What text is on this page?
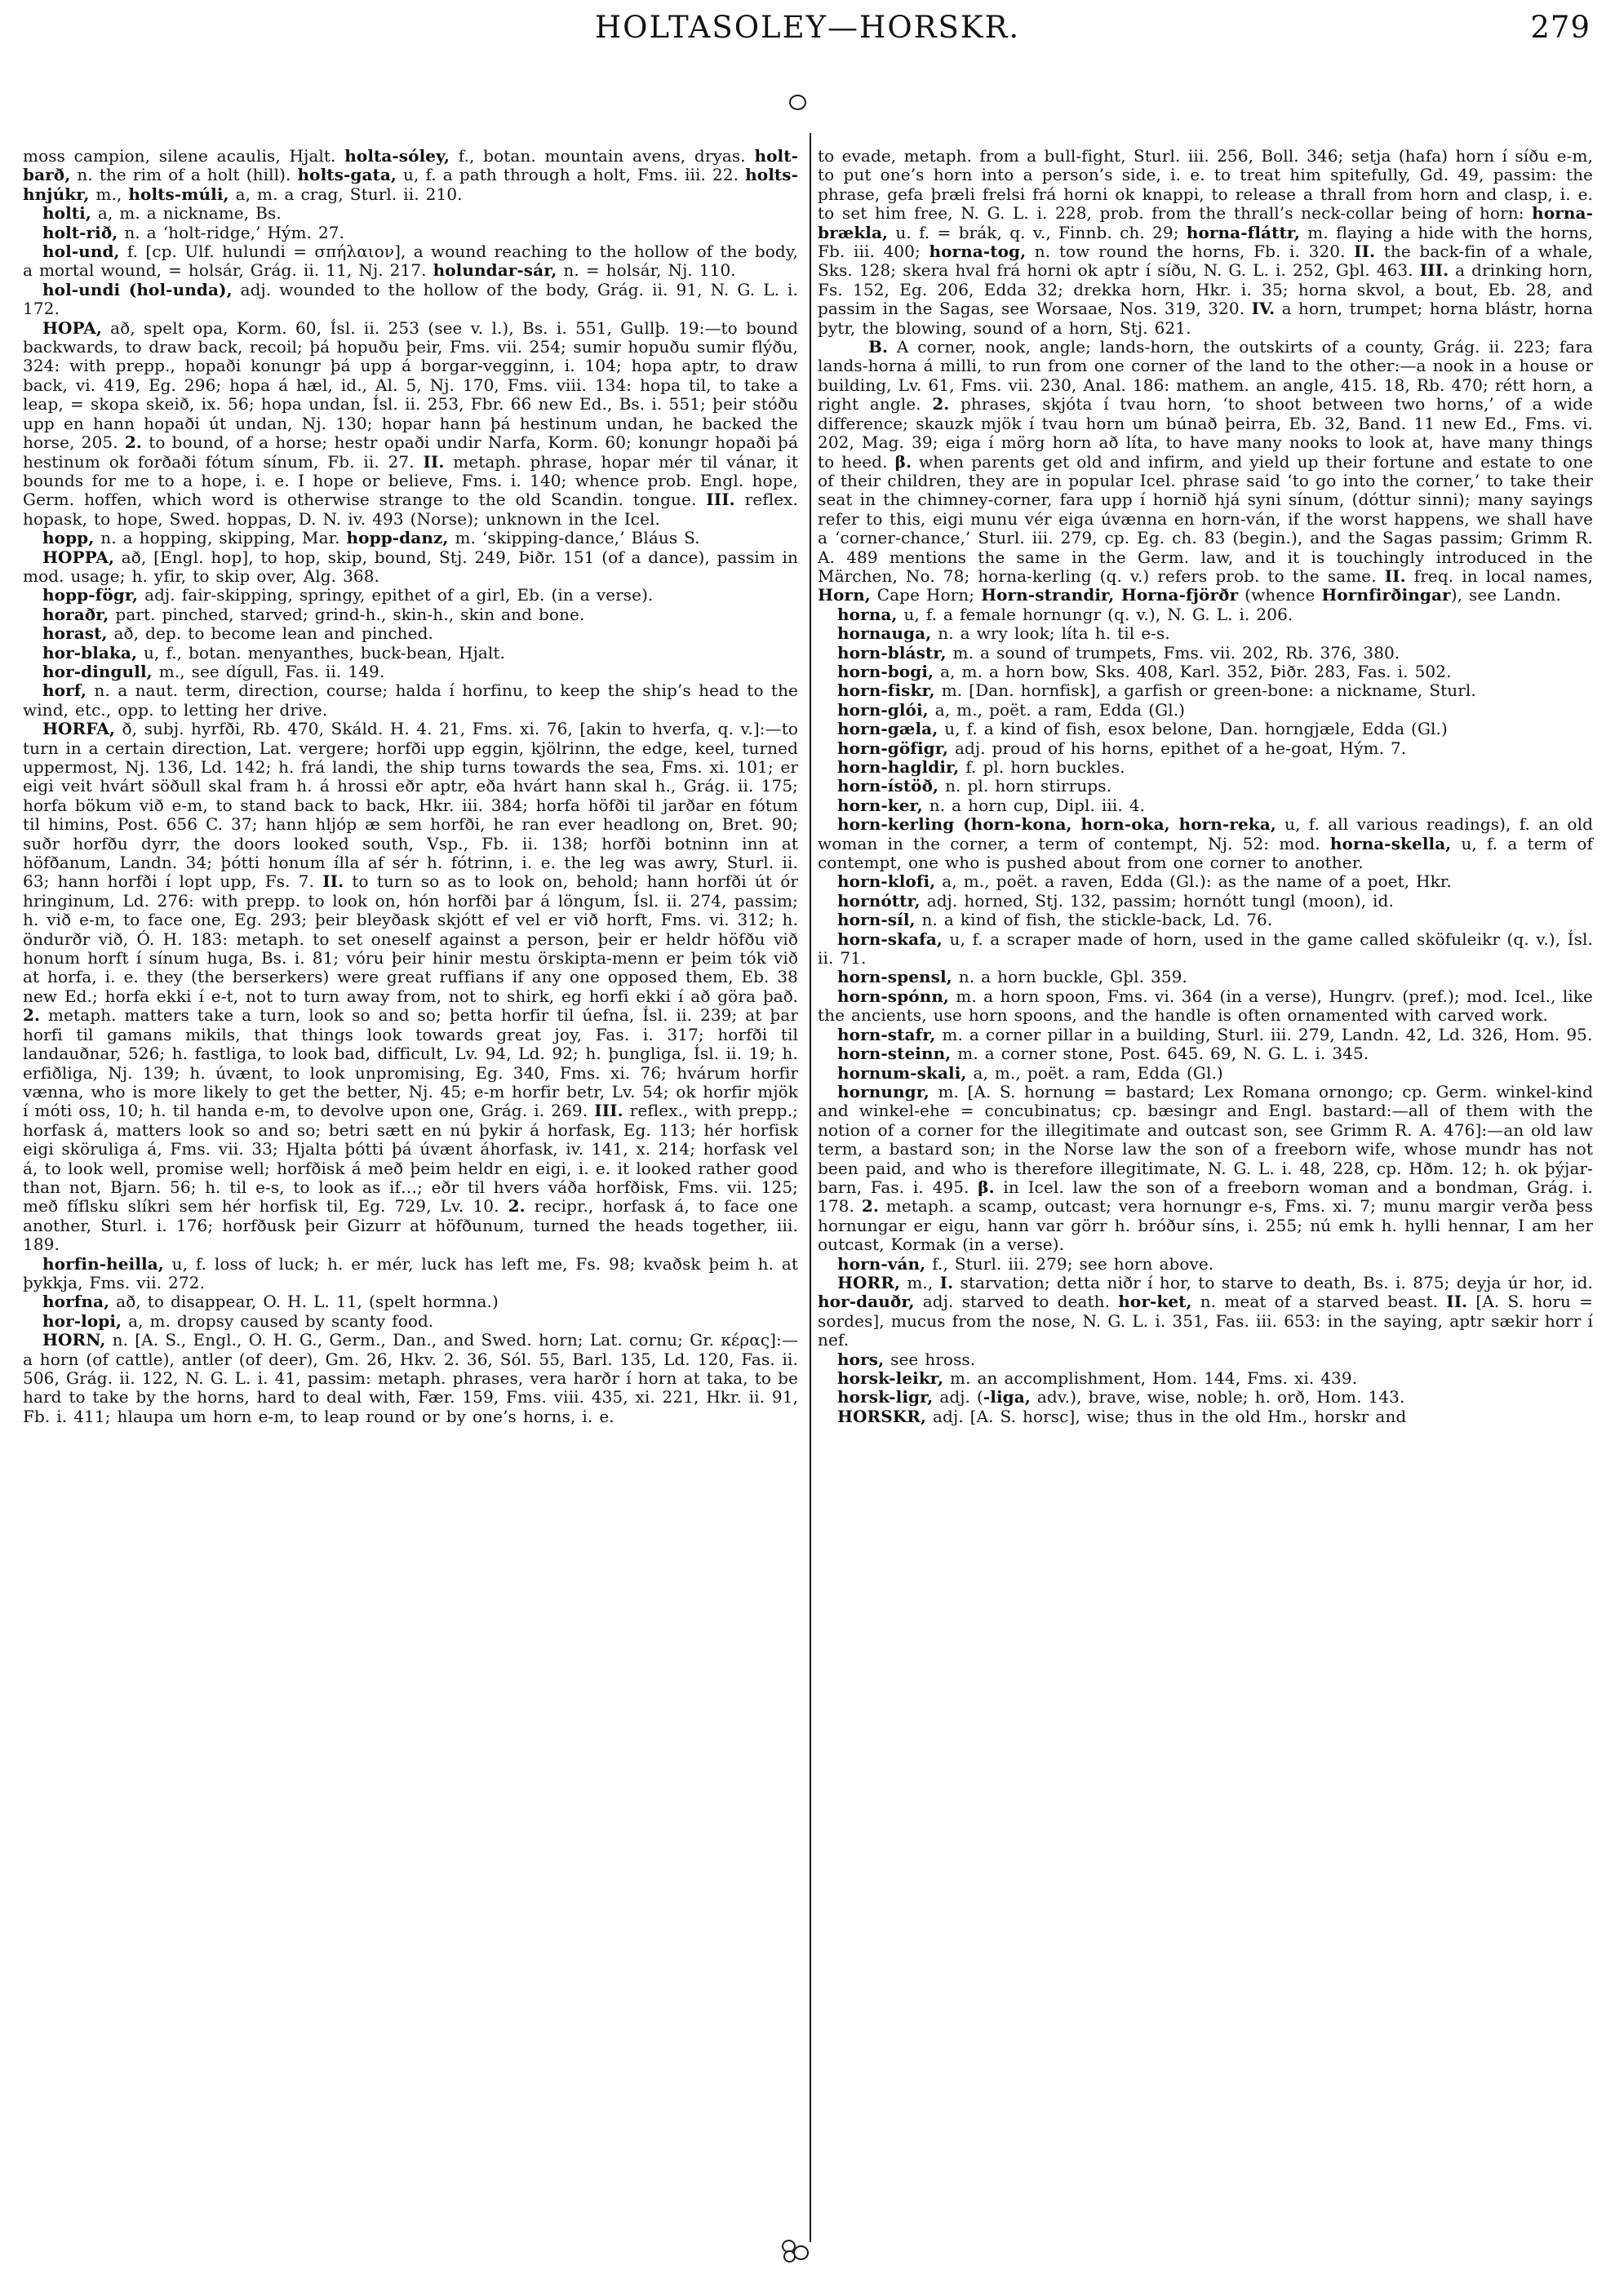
HOLTASOLEY—HORSKR.	279

moss campion, silene acaulis, Hjalt. holta-sóley, f., botan. mountain avens, dryas. holt-barð, n. the rim of a holt (hill). holts-gata, u, f. a path through a holt, Fms. iii. 22. holts-hnjúkr, m., holts-múli, a, m. a crag, Sturl. ii. 210.

holti, a, m. a nickname, Bs.

holt-rið, n. a ‘holt-ridge,’ Hým. 27.

hol-und, f. [cp. Ulf. hulundi = σπήλαιον], a wound reaching to the hollow of the body, a mortal wound, = holsár, Grág. ii. 11, Nj. 217. holundar-sár, n. = holsár, Nj. 110.

hol-undi (hol-unda), adj. wounded to the hollow of the body, Grág. ii. 91, N. G. L. i. 172.

HOPA, að, spelt opa, Korm. 60, Ísl. ii. 253 (see v. l.), Bs. i. 551, Gullþ. 19:—to bound backwards, to draw back, recoil; þá hopuðu þeir, Fms. vii. 254; sumir hopuðu sumir flýðu, 324: with prepp., hopaði konungr þá upp á borgar-vegginn, i. 104; hopa aptr, to draw back, vi. 419, Eg. 296; hopa á hæl, id., Al. 5, Nj. 170, Fms. viii. 134: hopa til, to take a leap, = skopa skeið, ix. 56; hopa undan, Ísl. ii. 253, Fbr. 66 new Ed., Bs. i. 551; þeir stóðu upp en hann hopaði út undan, Nj. 130; hopar hann þá hestinum undan, he backed the horse, 205. 2. to bound, of a horse; hestr opaði undir Narfa, Korm. 60; konungr hopaði þá hestinum ok forðaði fótum sínum, Fb. ii. 27. II. metaph. phrase, hopar mér til vánar, it bounds for me to a hope, i. e. I hope or believe, Fms. i. 140; whence prob. Engl. hope, Germ. hoffen, which word is otherwise strange to the old Scandin. tongue. III. reflex. hopask, to hope, Swed. hoppas, D. N. iv. 493 (Norse); unknown in the Icel.

hopp, n. a hopping, skipping, Mar. hopp-danz, m. ‘skipping-dance,’ Bláus S.

HOPPA, að, [Engl. hop], to hop, skip, bound, Stj. 249, Þiðr. 151 (of a dance), passim in mod. usage; h. yfir, to skip over, Alg. 368.

hopp-fögr, adj. fair-skipping, springy, epithet of a girl, Eb. (in a verse).

horaðr, part. pinched, starved; grind-h., skin-h., skin and bone.

horast, að, dep. to become lean and pinched.

hor-blaka, u, f., botan. menyanthes, buck-bean, Hjalt.

hor-dingull, m., see dígull, Fas. ii. 149.

horf, n. a naut. term, direction, course; halda í horfinu, to keep the ship’s head to the wind, etc., opp. to letting her drive.

HORFA, ð, subj. hyrfði, Rb. 470, Skáld. H. 4. 21, Fms. xi. 76, [akin to hverfa, q. v.]:—to turn in a certain direction, Lat. vergere; horfði upp eggin, kjölrinn, the edge, keel, turned uppermost, Nj. 136, Ld. 142; h. frá landi, the ship turns towards the sea, Fms. xi. 101; er eigi veit hvárt söðull skal fram h. á hrossi eðr aptr, eða hvárt hann skal h., Grág. ii. 175; horfa bökum við e-m, to stand back to back, Hkr. iii. 384; horfa höfði til jarðar en fótum til himins, Post. 656 C. 37; hann hljóp æ sem horfði, he ran ever headlong on, Bret. 90; suðr horfðu dyrr, the doors looked south, Vsp., Fb. ii. 138; horfði botninn inn at höfðanum, Landn. 34; þótti honum ílla af sér h. fótrinn, i. e. the leg was awry, Sturl. ii. 63; hann horfði í lopt upp, Fs. 7. II. to turn so as to look on, behold; hann horfði út ór hringinum, Ld. 276: with prepp. to look on, hón horfði þar á löngum, Ísl. ii. 274, passim; h. við e-m, to face one, Eg. 293; þeir bleyðask skjótt ef vel er við horft, Fms. vi. 312; h. öndurðr við, Ó. H. 183: metaph. to set oneself against a person, þeir er heldr höfðu við honum horft í sínum huga, Bs. i. 81; vóru þeir hinir mestu örskipta-menn er þeim tók við at horfa, i. e. they (the berserkers) were great ruffians if any one opposed them, Eb. 38 new Ed.; horfa ekki í e-t, not to turn away from, not to shirk, eg horfi ekki í að göra það. 2. metaph. matters take a turn, look so and so; þetta horfir til úefna, Ísl. ii. 239; at þar horfi til gamans mikils, that things look towards great joy, Fas. i. 317; horfði til landauðnar, 526; h. fastliga, to look bad, difficult, Lv. 94, Ld. 92; h. þungliga, Ísl. ii. 19; h. erfiðliga, Nj. 139; h. úvænt, to look unpromising, Eg. 340, Fms. xi. 76; hvárum horfir vænna, who is more likely to get the better, Nj. 45; e-m horfir betr, Lv. 54; ok horfir mjök í móti oss, 10; h. til handa e-m, to devolve upon one, Grág. i. 269. III. reflex., with prepp.; horfask á, matters look so and so; betri sætt en nú þykir á horfask, Eg. 113; hér horfisk eigi sköruliga á, Fms. vii. 33; Hjalta þótti þá úvænt áhorfask, iv. 141, x. 214; horfask vel á, to look well, promise well; horfðisk á með þeim heldr en eigi, i. e. it looked rather good than not, Bjarn. 56; h. til e-s, to look as if…; eðr til hvers váða horfðisk, Fms. vii. 125; með fíflsku slíkri sem hér horfisk til, Eg. 729, Lv. 10. 2. recipr., horfask á, to face one another, Sturl. i. 176; horfðusk þeir Gizurr at höfðunum, turned the heads together, iii. 189.

horfin-heilla, u, f. loss of luck; h. er mér, luck has left me, Fs. 98; kvaðsk þeim h. at þykkja, Fms. vii. 272.

horfna, að, to disappear, O. H. L. 11, (spelt hormna.)

hor-lopi, a, m. dropsy caused by scanty food.

HORN, n. [A. S., Engl., O. H. G., Germ., Dan., and Swed. horn; Lat. cornu; Gr. κέρας]:—a horn (of cattle), antler (of deer), Gm. 26, Hkv. 2. 36, Sól. 55, Barl. 135, Ld. 120, Fas. ii. 506, Grág. ii. 122, N. G. L. i. 41, passim: metaph. phrases, vera harðr í horn at taka, to be hard to take by the horns, hard to deal with, Fær. 159, Fms. viii. 435, xi. 221, Hkr. ii. 91, Fb. i. 411; hlaupa um horn e-m, to leap round or by one’s horns, i. e.

to evade, metaph. from a bull-fight, Sturl. iii. 256, Boll. 346; setja (hafa) horn í síðu e-m, to put one’s horn into a person’s side, i. e. to treat him spitefully, Gd. 49, passim: the phrase, gefa þræli frelsi frá horni ok knappi, to release a thrall from horn and clasp, i. e. to set him free, N. G. L. i. 228, prob. from the thrall’s neck-collar being of horn: horna-brækla, u. f. = brák, q. v., Finnb. ch. 29; horna-fláttr, m. flaying a hide with the horns, Fb. iii. 400; horna-tog, n. tow round the horns, Fb. i. 320. II. the back-fin of a whale, Sks. 128; skera hval frá horni ok aptr í síðu, N. G. L. i. 252, Gþl. 463. III. a drinking horn, Fs. 152, Eg. 206, Edda 32; drekka horn, Hkr. i. 35; horna skvol, a bout, Eb. 28, and passim in the Sagas, see Worsaae, Nos. 319, 320. IV. a horn, trumpet; horna blástr, horna þytr, the blowing, sound of a horn, Stj. 621.

B. A corner, nook, angle; lands-horn, the outskirts of a county, Grág. ii. 223; fara lands-horna á milli, to run from one corner of the land to the other:—a nook in a house or building, Lv. 61, Fms. vii. 230, Anal. 186: mathem. an angle, 415. 18, Rb. 470; rétt horn, a right angle. 2. phrases, skjóta í tvau horn, ‘to shoot between two horns,’ of a wide difference; skauzk mjök í tvau horn um búnað þeirra, Eb. 32, Band. 11 new Ed., Fms. vi. 202, Mag. 39; eiga í mörg horn að líta, to have many nooks to look at, have many things to heed. β. when parents get old and infirm, and yield up their fortune and estate to one of their children, they are in popular Icel. phrase said ‘to go into the corner,’ to take their seat in the chimney-corner, fara upp í hornið hjá syni sínum, (dóttur sinni); many sayings refer to this, eigi munu vér eiga úvænna en horn-ván, if the worst happens, we shall have a ‘corner-chance,’ Sturl. iii. 279, cp. Eg. ch. 83 (begin.), and the Sagas passim; Grimm R. A. 489 mentions the same in the Germ. law, and it is touchingly introduced in the Märchen, No. 78; horna-kerling (q. v.) refers prob. to the same. II. freq. in local names, Horn, Cape Horn; Horn-strandir, Horna-fjörðr (whence Hornfirðingar), see Landn.

horna, u, f. a female hornungr (q. v.), N. G. L. i. 206.

hornauga, n. a wry look; líta h. til e-s.

horn-blástr, m. a sound of trumpets, Fms. vii. 202, Rb. 376, 380.

horn-bogi, a, m. a horn bow, Sks. 408, Karl. 352, Þiðr. 283, Fas. i. 502.

horn-fiskr, m. [Dan. hornfisk], a garfish or green-bone: a nickname, Sturl.

horn-glói, a, m., poët. a ram, Edda (Gl.)

horn-gæla, u, f. a kind of fish, esox belone, Dan. horngjæle, Edda (Gl.)

horn-göfigr, adj. proud of his horns, epithet of a he-goat, Hým. 7.

horn-hagldir, f. pl. horn buckles.

horn-ístöð, n. pl. horn stirrups.

horn-ker, n. a horn cup, Dipl. iii. 4.

horn-kerling (horn-kona, horn-oka, horn-reka, u, f. all various readings), f. an old woman in the corner, a term of contempt, Nj. 52: mod. horna-skella, u, f. a term of contempt, one who is pushed about from one corner to another.

horn-klofi, a, m., poët. a raven, Edda (Gl.): as the name of a poet, Hkr.

hornóttr, adj. horned, Stj. 132, passim; hornótt tungl (moon), id.

horn-síl, n. a kind of fish, the stickle-back, Ld. 76.

horn-skafa, u, f. a scraper made of horn, used in the game called sköfuleikr (q. v.), Ísl. ii. 71.

horn-spensl, n. a horn buckle, Gþl. 359.

horn-spónn, m. a horn spoon, Fms. vi. 364 (in a verse), Hungrv. (pref.); mod. Icel., like the ancients, use horn spoons, and the handle is often ornamented with carved work.

horn-stafr, m. a corner pillar in a building, Sturl. iii. 279, Landn. 42, Ld. 326, Hom. 95.

horn-steinn, m. a corner stone, Post. 645. 69, N. G. L. i. 345.

hornum-skali, a, m., poët. a ram, Edda (Gl.)

hornungr, m. [A. S. hornung = bastard; Lex Romana ornongo; cp. Germ. winkel-kind and winkel-ehe = concubinatus; cp. bæsingr and Engl. bastard:—all of them with the notion of a corner for the illegitimate and outcast son, see Grimm R. A. 476]:—an old law term, a bastard son; in the Norse law the son of a freeborn wife, whose mundr has not been paid, and who is therefore illegitimate, N. G. L. i. 48, 228, cp. Hðm. 12; h. ok þýjar-barn, Fas. i. 495. β. in Icel. law the son of a freeborn woman and a bondman, Grág. i. 178. 2. metaph. a scamp, outcast; vera hornungr e-s, Fms. xi. 7; munu margir verða þess hornungar er eigu, hann var görr h. bróður síns, i. 255; nú emk h. hylli hennar, I am her outcast, Kormak (in a verse).

horn-ván, f., Sturl. iii. 279; see horn above.

HORR, m., I. starvation; detta niðr í hor, to starve to death, Bs. i. 875; deyja úr hor, id. hor-dauðr, adj. starved to death. hor-ket, n. meat of a starved beast. II. [A. S. horu = sordes], mucus from the nose, N. G. L. i. 351, Fas. iii. 653: in the saying, aptr sækir horr í nef.

hors, see hross.

horsk-leikr, m. an accomplishment, Hom. 144, Fms. xi. 439.

horsk-ligr, adj. (-liga, adv.), brave, wise, noble; h. orð, Hom. 143.

HORSKR, adj. [A. S. horsc], wise; thus in the old Hm., horskr and
